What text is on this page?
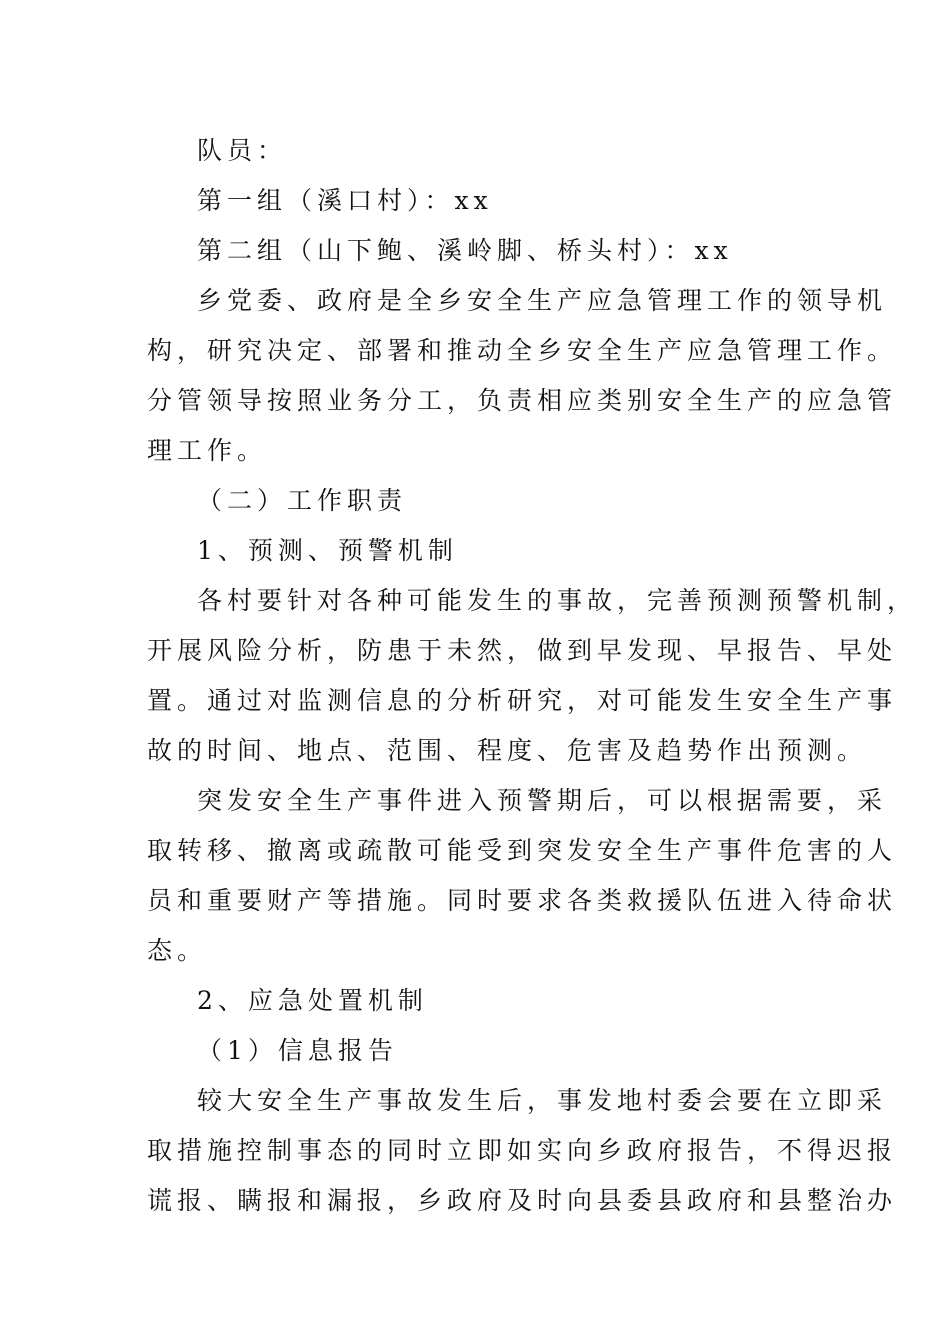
队员：
第一组（溪口村）：xx
第二组（山下鲍、溪岭脚、桥头村）：xx
乡党委、政府是全乡安全生产应急管理工作的领导机
构，研究决定、部署和推动全乡安全生产应急管理工作。
分管领导按照业务分工，负责相应类别安全生产的应急管
理工作。
（二）工作职责
1、预测、预警机制
各村要针对各种可能发生的事故，完善预测预警机制，
开展风险分析，防患于未然，做到早发现、早报告、早处
置。通过对监测信息的分析研究，对可能发生安全生产事
故的时间、地点、范围、程度、危害及趋势作出预测。
突发安全生产事件进入预警期后，可以根据需要，采
取转移、撤离或疏散可能受到突发安全生产事件危害的人
员和重要财产等措施。同时要求各类救援队伍进入待命状
态。
2、应急处置机制
（1）信息报告
较大安全生产事故发生后，事发地村委会要在立即采
取措施控制事态的同时立即如实向乡政府报告，不得迟报
谎报、瞒报和漏报，乡政府及时向县委县政府和县整治办
